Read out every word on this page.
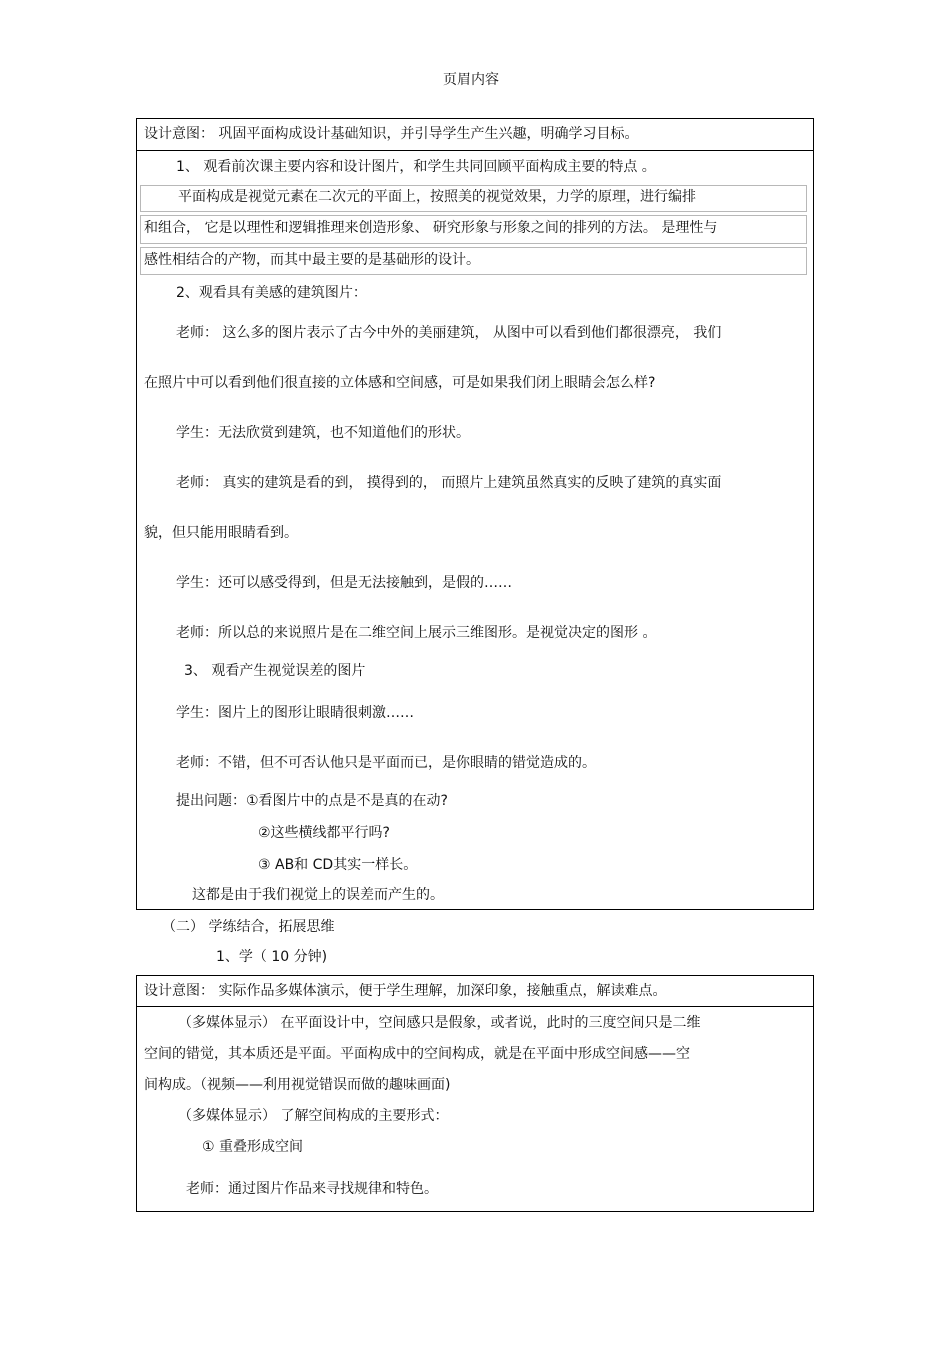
页眉内容
设计意图： 巩固平面构成设计基础知识，并引导学生产生兴趣，明确学习目标。
1、 观看前次课主要内容和设计图片，和学生共同回顾平面构成主要的特点 。
平面构成是视觉元素在二次元的平面上，按照美的视觉效果，力学的原理，进行编排
和组合， 它是以理性和逻辑推理来创造形象、 研究形象与形象之间的排列的方法。 是理性与
感性相结合的产物，而其中最主要的是基础形的设计。
2、观看具有美感的建筑图片：
老师： 这么多的图片表示了古今中外的美丽建筑， 从图中可以看到他们都很漂亮， 我们
在照片中可以看到他们很直接的立体感和空间感，可是如果我们闭上眼睛会怎么样?
学生：无法欣赏到建筑，也不知道他们的形状。
老师： 真实的建筑是看的到， 摸得到的， 而照片上建筑虽然真实的反映了建筑的真实面
貌，但只能用眼睛看到。
学生：还可以感受得到，但是无法接触到，是假的……
老师：所以总的来说照片是在二维空间上展示三维图形。是视觉决定的图形 。
3、 观看产生视觉误差的图片
学生：图片上的图形让眼睛很刺激……
老师：不错，但不可否认他只是平面而已，是你眼睛的错觉造成的。
提出问题：①看图片中的点是不是真的在动?
②这些横线都平行吗?
③ AB和 CD其实一样长。
这都是由于我们视觉上的误差而产生的。
（二） 学练结合，拓展思维
1、学（ 10 分钟)
设计意图： 实际作品多媒体演示，便于学生理解，加深印象，接触重点，解读难点。
（多媒体显示） 在平面设计中，空间感只是假象，或者说，此时的三度空间只是二维
空间的错觉，其本质还是平面。平面构成中的空间构成，就是在平面中形成空间感——空
间构成。（视频——利用视觉错误而做的趣味画面)
（多媒体显示） 了解空间构成的主要形式：
① 重叠形成空间
老师：通过图片作品来寻找规律和特色。
